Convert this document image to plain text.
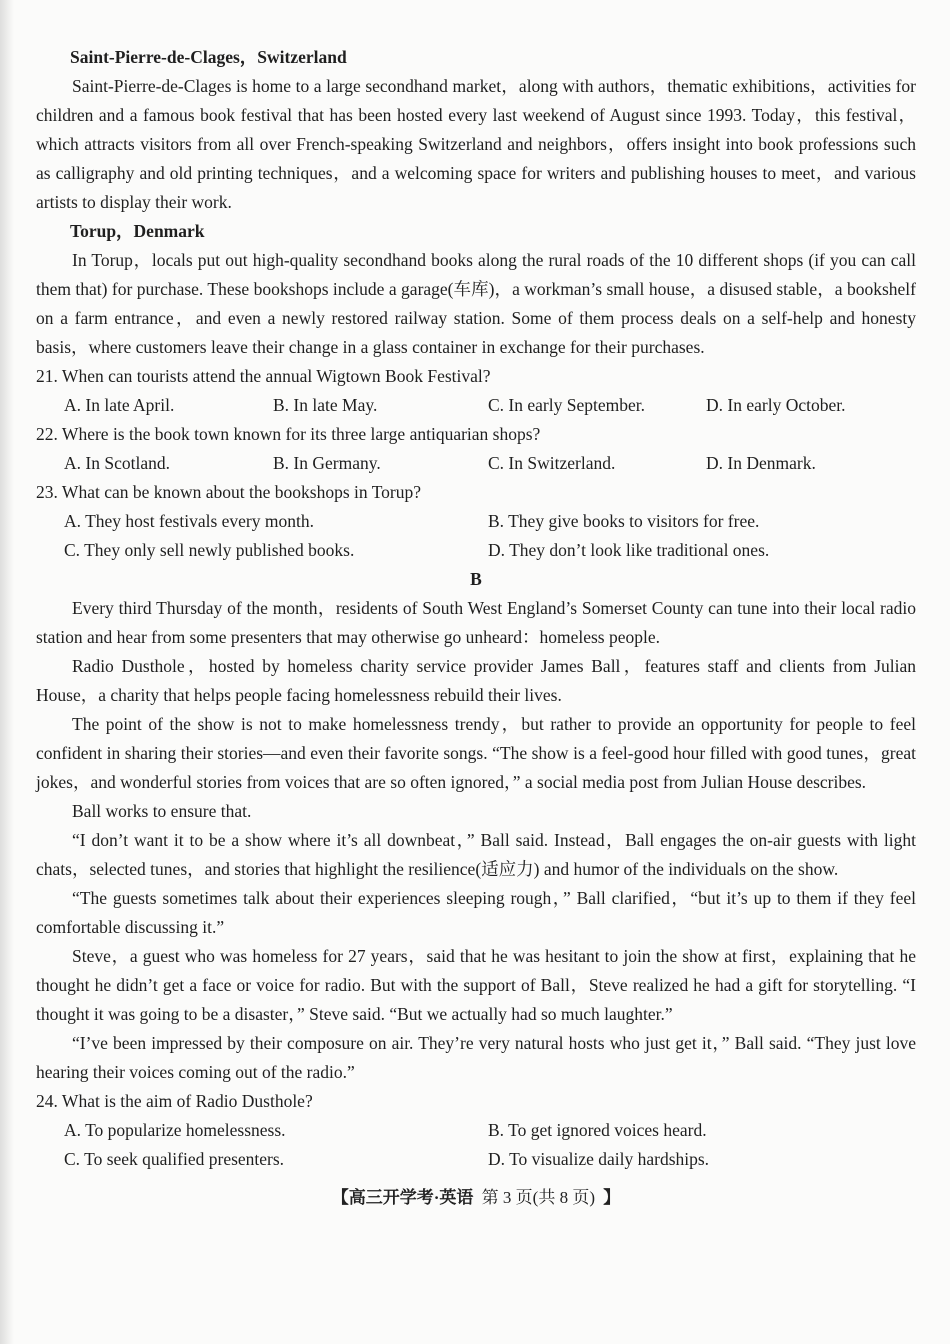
Saint-Pierre-de-Clages，Switzerland

Saint-Pierre-de-Clages is home to a large secondhand market，along with authors，thematic exhibitions，activities for children and a famous book festival that has been hosted every last weekend of August since 1993. Today，this festival，which attracts visitors from all over French-speaking Switzerland and neighbors，offers insight into book professions such as calligraphy and old printing techniques，and a welcoming space for writers and publishing houses to meet，and various artists to display their work.

Torup，Denmark

In Torup，locals put out high-quality secondhand books along the rural roads of the 10 different shops (if you can call them that) for purchase. These bookshops include a garage(车库)，a workman’s small house，a disused stable，a bookshelf on a farm entrance，and even a newly restored railway station. Some of them process deals on a self-help and honesty basis，where customers leave their change in a glass container in exchange for their purchases.

21. When can tourists attend the annual Wigtown Book Festival?

A. In late April.	B. In late May.	C. In early September.	D. In early October.

22. Where is the book town known for its three large antiquarian shops?

A. In Scotland.	B. In Germany.	C. In Switzerland.	D. In Denmark.

23. What can be known about the bookshops in Torup?

A. They host festivals every month.	B. They give books to visitors for free.
C. They only sell newly published books.	D. They don’t look like traditional ones.
B

Every third Thursday of the month，residents of South West England’s Somerset County can tune into their local radio station and hear from some presenters that may otherwise go unheard：homeless people.

Radio Dusthole，hosted by homeless charity service provider James Ball，features staff and clients from Julian House，a charity that helps people facing homelessness rebuild their lives.

The point of the show is not to make homelessness trendy，but rather to provide an opportunity for people to feel confident in sharing their stories—and even their favorite songs. “The show is a feel-good hour filled with good tunes，great jokes，and wonderful stories from voices that are so often ignored，” a social media post from Julian House describes.

Ball works to ensure that.

“I don’t want it to be a show where it’s all downbeat，” Ball said. Instead，Ball engages the on-air guests with light chats，selected tunes，and stories that highlight the resilience(适应力) and humor of the individuals on the show.

“The guests sometimes talk about their experiences sleeping rough，” Ball clarified，“but it’s up to them if they feel comfortable discussing it.”

Steve，a guest who was homeless for 27 years，said that he was hesitant to join the show at first，explaining that he thought he didn’t get a face or voice for radio. But with the support of Ball，Steve realized he had a gift for storytelling. “I thought it was going to be a disaster，” Steve said. “But we actually had so much laughter.”

“I’ve been impressed by their composure on air. They’re very natural hosts who just get it，” Ball said. “They just love hearing their voices coming out of the radio.”

24. What is the aim of Radio Dusthole?

A. To popularize homelessness.	B. To get ignored voices heard.
C. To seek qualified presenters.	D. To visualize daily hardships.
【高三开学考·英语 第 3 页(共 8 页) 】
